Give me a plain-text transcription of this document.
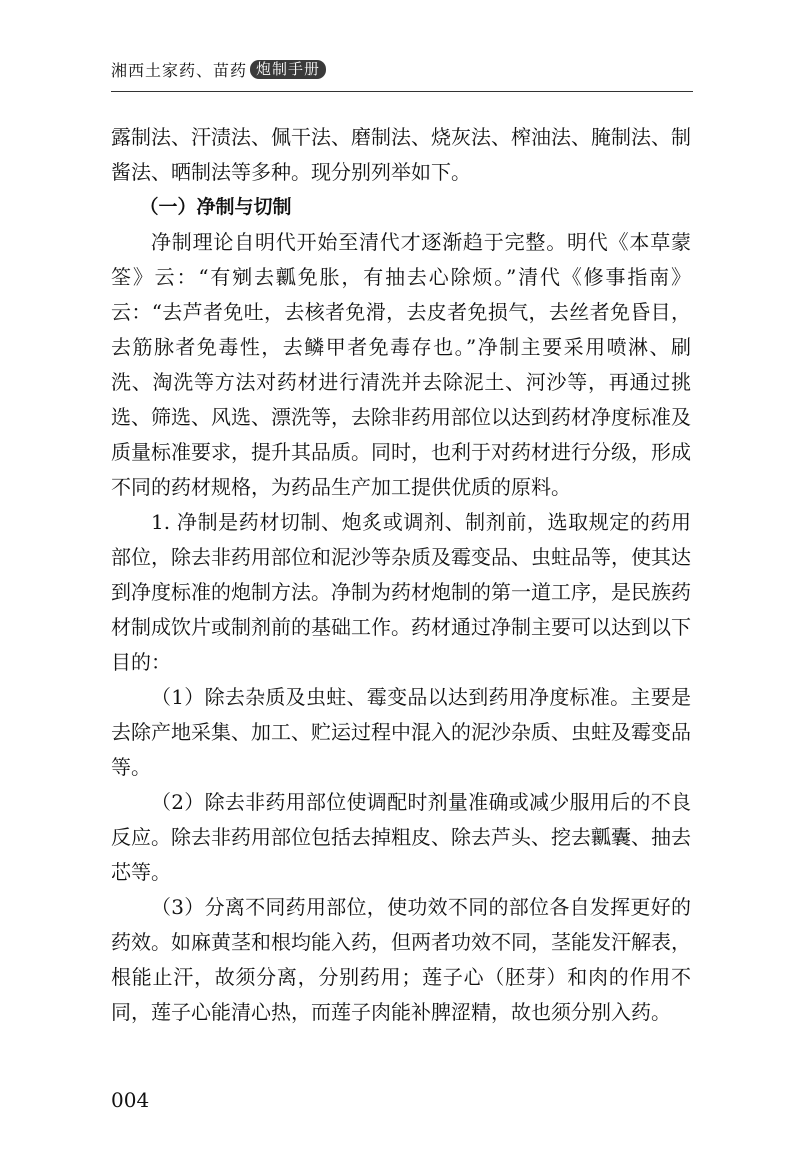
湘西土家药、苗药 炮制手册

露制法、汗渍法、佩干法、磨制法、烧灰法、榨油法、腌制法、制酱法、晒制法等多种。现分别列举如下。

（一）净制与切制

净制理论自明代开始至清代才逐渐趋于完整。明代《本草蒙筌》云：“有剜去瓤免胀，有抽去心除烦。”清代《修事指南》云：“去芦者免吐，去核者免滑，去皮者免损气，去丝者免昏目，去筋脉者免毒性，去鳞甲者免毒存也。”净制主要采用喷淋、刷洗、淘洗等方法对药材进行清洗并去除泥土、河沙等，再通过挑选、筛选、风选、漂洗等，去除非药用部位以达到药材净度标准及质量标准要求，提升其品质。同时，也利于对药材进行分级，形成不同的药材规格，为药品生产加工提供优质的原料。

1. 净制是药材切制、炮炙或调剂、制剂前，选取规定的药用部位，除去非药用部位和泥沙等杂质及霉变品、虫蛀品等，使其达到净度标准的炮制方法。净制为药材炮制的第一道工序，是民族药材制成饮片或制剂前的基础工作。药材通过净制主要可以达到以下目的：

（1）除去杂质及虫蛀、霉变品以达到药用净度标准。主要是去除产地采集、加工、贮运过程中混入的泥沙杂质、虫蛀及霉变品等。

（2）除去非药用部位使调配时剂量准确或减少服用后的不良反应。除去非药用部位包括去掉粗皮、除去芦头、挖去瓤囊、抽去芯等。

（3）分离不同药用部位，使功效不同的部位各自发挥更好的药效。如麻黄茎和根均能入药，但两者功效不同，茎能发汗解表，根能止汗，故须分离，分别药用；莲子心（胚芽）和肉的作用不同，莲子心能清心热，而莲子肉能补脾涩精，故也须分别入药。

004
